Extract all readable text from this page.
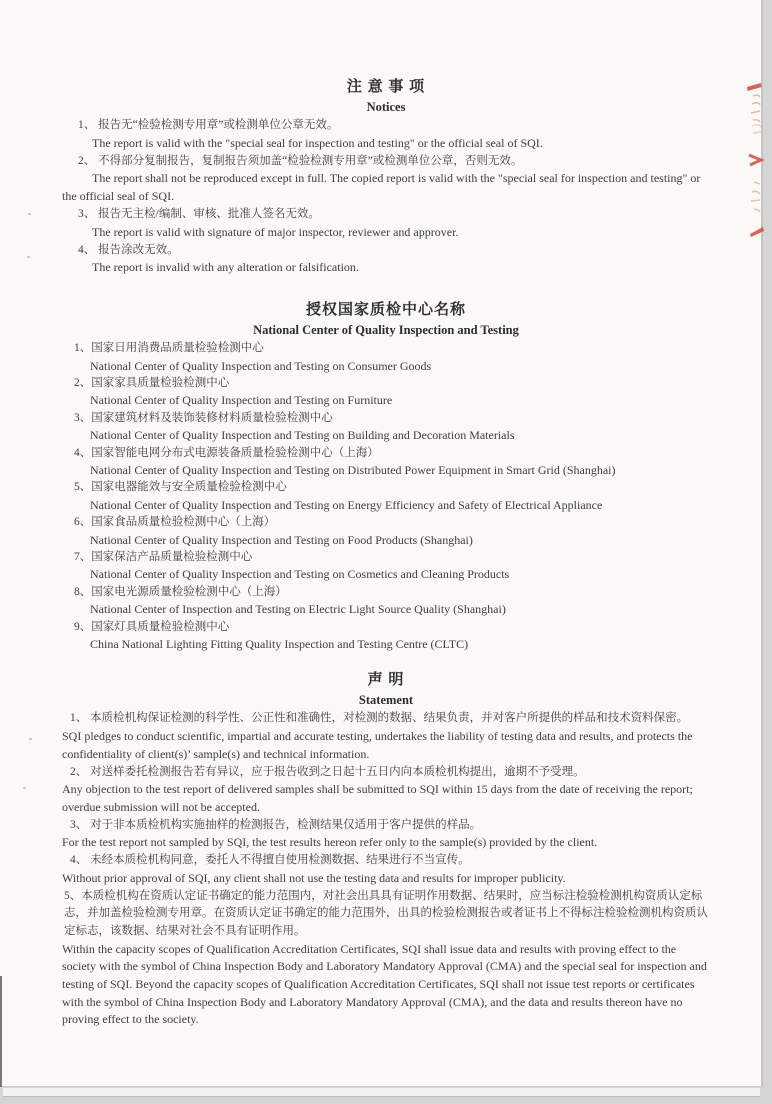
注 意 事 项
Notices

1、 报告无“检验检测专用章”或检测单位公章无效。

The report is valid with the "special seal for inspection and testing" or the official seal of SQI.

2、 不得部分复制报告，复制报告须加盖“检验检测专用章”或检测单位公章，否则无效。

The report shall not be reproduced except in full. The copied report is valid with the "special seal for inspection and testing" or the official seal of SQI.

3、 报告无主检/编制、审核、批准人签名无效。

The report is valid with signature of major inspector, reviewer and approver.

4、 报告涂改无效。

The report is invalid with any alteration or falsification.

授权国家质检中心名称
National Center of Quality Inspection and Testing

1、国家日用消费品质量检验检测中心

National Center of Quality Inspection and Testing on Consumer Goods

2、国家家具质量检验检测中心

National Center of Quality Inspection and Testing on Furniture

3、国家建筑材料及装饰装修材料质量检验检测中心

National Center of Quality Inspection and Testing on Building and Decoration Materials

4、国家智能电网分布式电源装备质量检验检测中心（上海）

National Center of Quality Inspection and Testing on Distributed Power Equipment in Smart Grid (Shanghai)

5、国家电器能效与安全质量检验检测中心

National Center of Quality Inspection and Testing on Energy Efficiency and Safety of Electrical Appliance

6、国家食品质量检验检测中心（上海）

National Center of Quality Inspection and Testing on Food Products (Shanghai)

7、国家保洁产品质量检验检测中心

National Center of Quality Inspection and Testing on Cosmetics and Cleaning Products

8、国家电光源质量检验检测中心（上海）

National Center of Inspection and Testing on Electric Light Source Quality (Shanghai)

9、国家灯具质量检验检测中心

China National Lighting Fitting Quality Inspection and Testing Centre (CLTC)

声 明
Statement

1、 本质检机构保证检测的科学性、公正性和准确性，对检测的数据、结果负责，并对客户所提供的样品和技术资料保密。

SQI pledges to conduct scientific, impartial and accurate testing, undertakes the liability of testing data and results, and protects the confidentiality of client(s)’ sample(s) and technical information.

2、 对送样委托检测报告若有异议，应于报告收到之日起十五日内向本质检机构提出，逾期不予受理。

Any objection to the test report of delivered samples shall be submitted to SQI within 15 days from the date of receiving the report; overdue submission will not be accepted.

3、 对于非本质检机构实施抽样的检测报告，检测结果仅适用于客户提供的样品。

For the test report not sampled by SQI, the test results hereon refer only to the sample(s) provided by the client.

4、 未经本质检机构同意，委托人不得擅自使用检测数据、结果进行不当宣传。

Without prior approval of SQI, any client shall not use the testing data and results for improper publicity.

5、本质检机构在资质认定证书确定的能力范围内，对社会出具具有证明作用数据、结果时，应当标注检验检测机构资质认定标志，并加盖检验检测专用章。在资质认定证书确定的能力范围外，出具的检验检测报告或者证书上不得标注检验检测机构资质认定标志，该数据、结果对社会不具有证明作用。

Within the capacity scopes of Qualification Accreditation Certificates, SQI shall issue data and results with proving effect to the society with the symbol of China Inspection Body and Laboratory Mandatory Approval (CMA) and the special seal for inspection and testing of SQI. Beyond the capacity scopes of Qualification Accreditation Certificates, SQI shall not issue test reports or certificates with the symbol of China Inspection Body and Laboratory Mandatory Approval (CMA), and the data and results thereon have no proving effect to the society.
